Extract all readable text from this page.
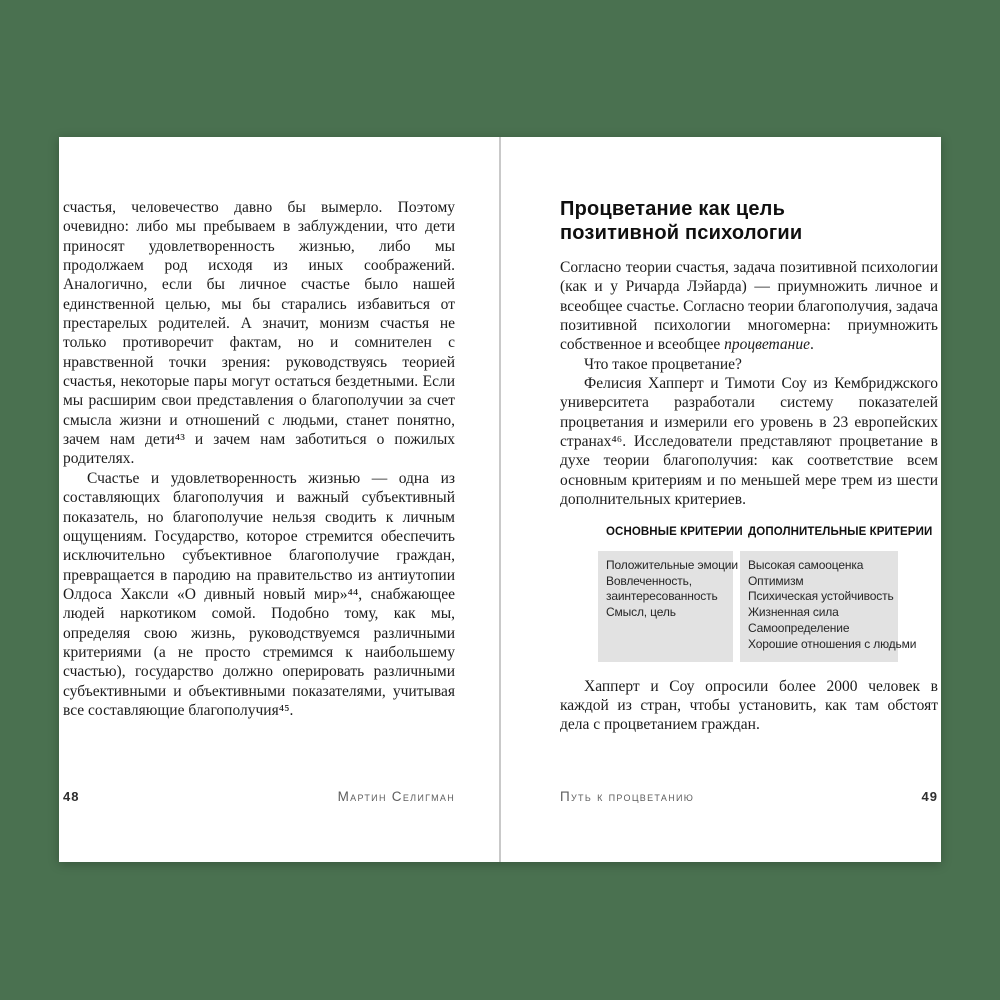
счастья, человечество давно бы вымерло. Поэтому очевидно: либо мы пребываем в заблуждении, что дети приносят удовлетворенность жизнью, либо мы продолжаем род исходя из иных соображений. Аналогично, если бы личное счастье было нашей единственной целью, мы бы старались избавиться от престарелых родителей. А значит, монизм счастья не только противоречит фактам, но и сомнителен с нравственной точки зрения: руководствуясь теорией счастья, некоторые пары могут остаться бездетными. Если мы расширим свои представления о благополучии за счет смысла жизни и отношений с людьми, станет понятно, зачем нам дети⁴³ и зачем нам заботиться о пожилых родителях.

Счастье и удовлетворенность жизнью — одна из составляющих благополучия и важный субъективный показатель, но благополучие нельзя сводить к личным ощущениям. Государство, которое стремится обеспечить исключительно субъективное благополучие граждан, превращается в пародию на правительство из антиутопии Олдоса Хаксли «О дивный новый мир»⁴⁴, снабжающее людей наркотиком сомой. Подобно тому, как мы, определяя свою жизнь, руководствуемся различными критериями (а не просто стремимся к наибольшему счастью), государство должно оперировать различными субъективными и объективными показателями, учитывая все составляющие благополучия⁴⁵.

48	Мартин Селигман
Процветание как цель
позитивной психологии

Согласно теории счастья, задача позитивной психологии (как и у Ричарда Лэйарда) — приумножить личное и всеобщее счастье. Согласно теории благополучия, задача позитивной психологии многомерна: приумножить собственное и всеобщее процветание.

Что такое процветание?

Фелисия Хапперт и Тимоти Соу из Кембриджского университета разработали систему показателей процветания и измерили его уровень в 23 европейских странах⁴⁶. Исследователи представляют процветание в духе теории благополучия: как соответствие всем основным критериям и по меньшей мере трем из шести дополнительных критериев.

ОСНОВНЫЕ КРИТЕРИИ ДОПОЛНИТЕЛЬНЫЕ КРИТЕРИИ
Положительные эмоции
Вовлеченность,
заинтересованность
Смысл, цель
Высокая самооценка
Оптимизм
Психическая устойчивость
Жизненная сила
Самоопределение
Хорошие отношения с людьми

Хапперт и Соу опросили более 2000 человек в каждой из стран, чтобы установить, как там обстоят дела с процветанием граждан.

Путь к процветанию	49
